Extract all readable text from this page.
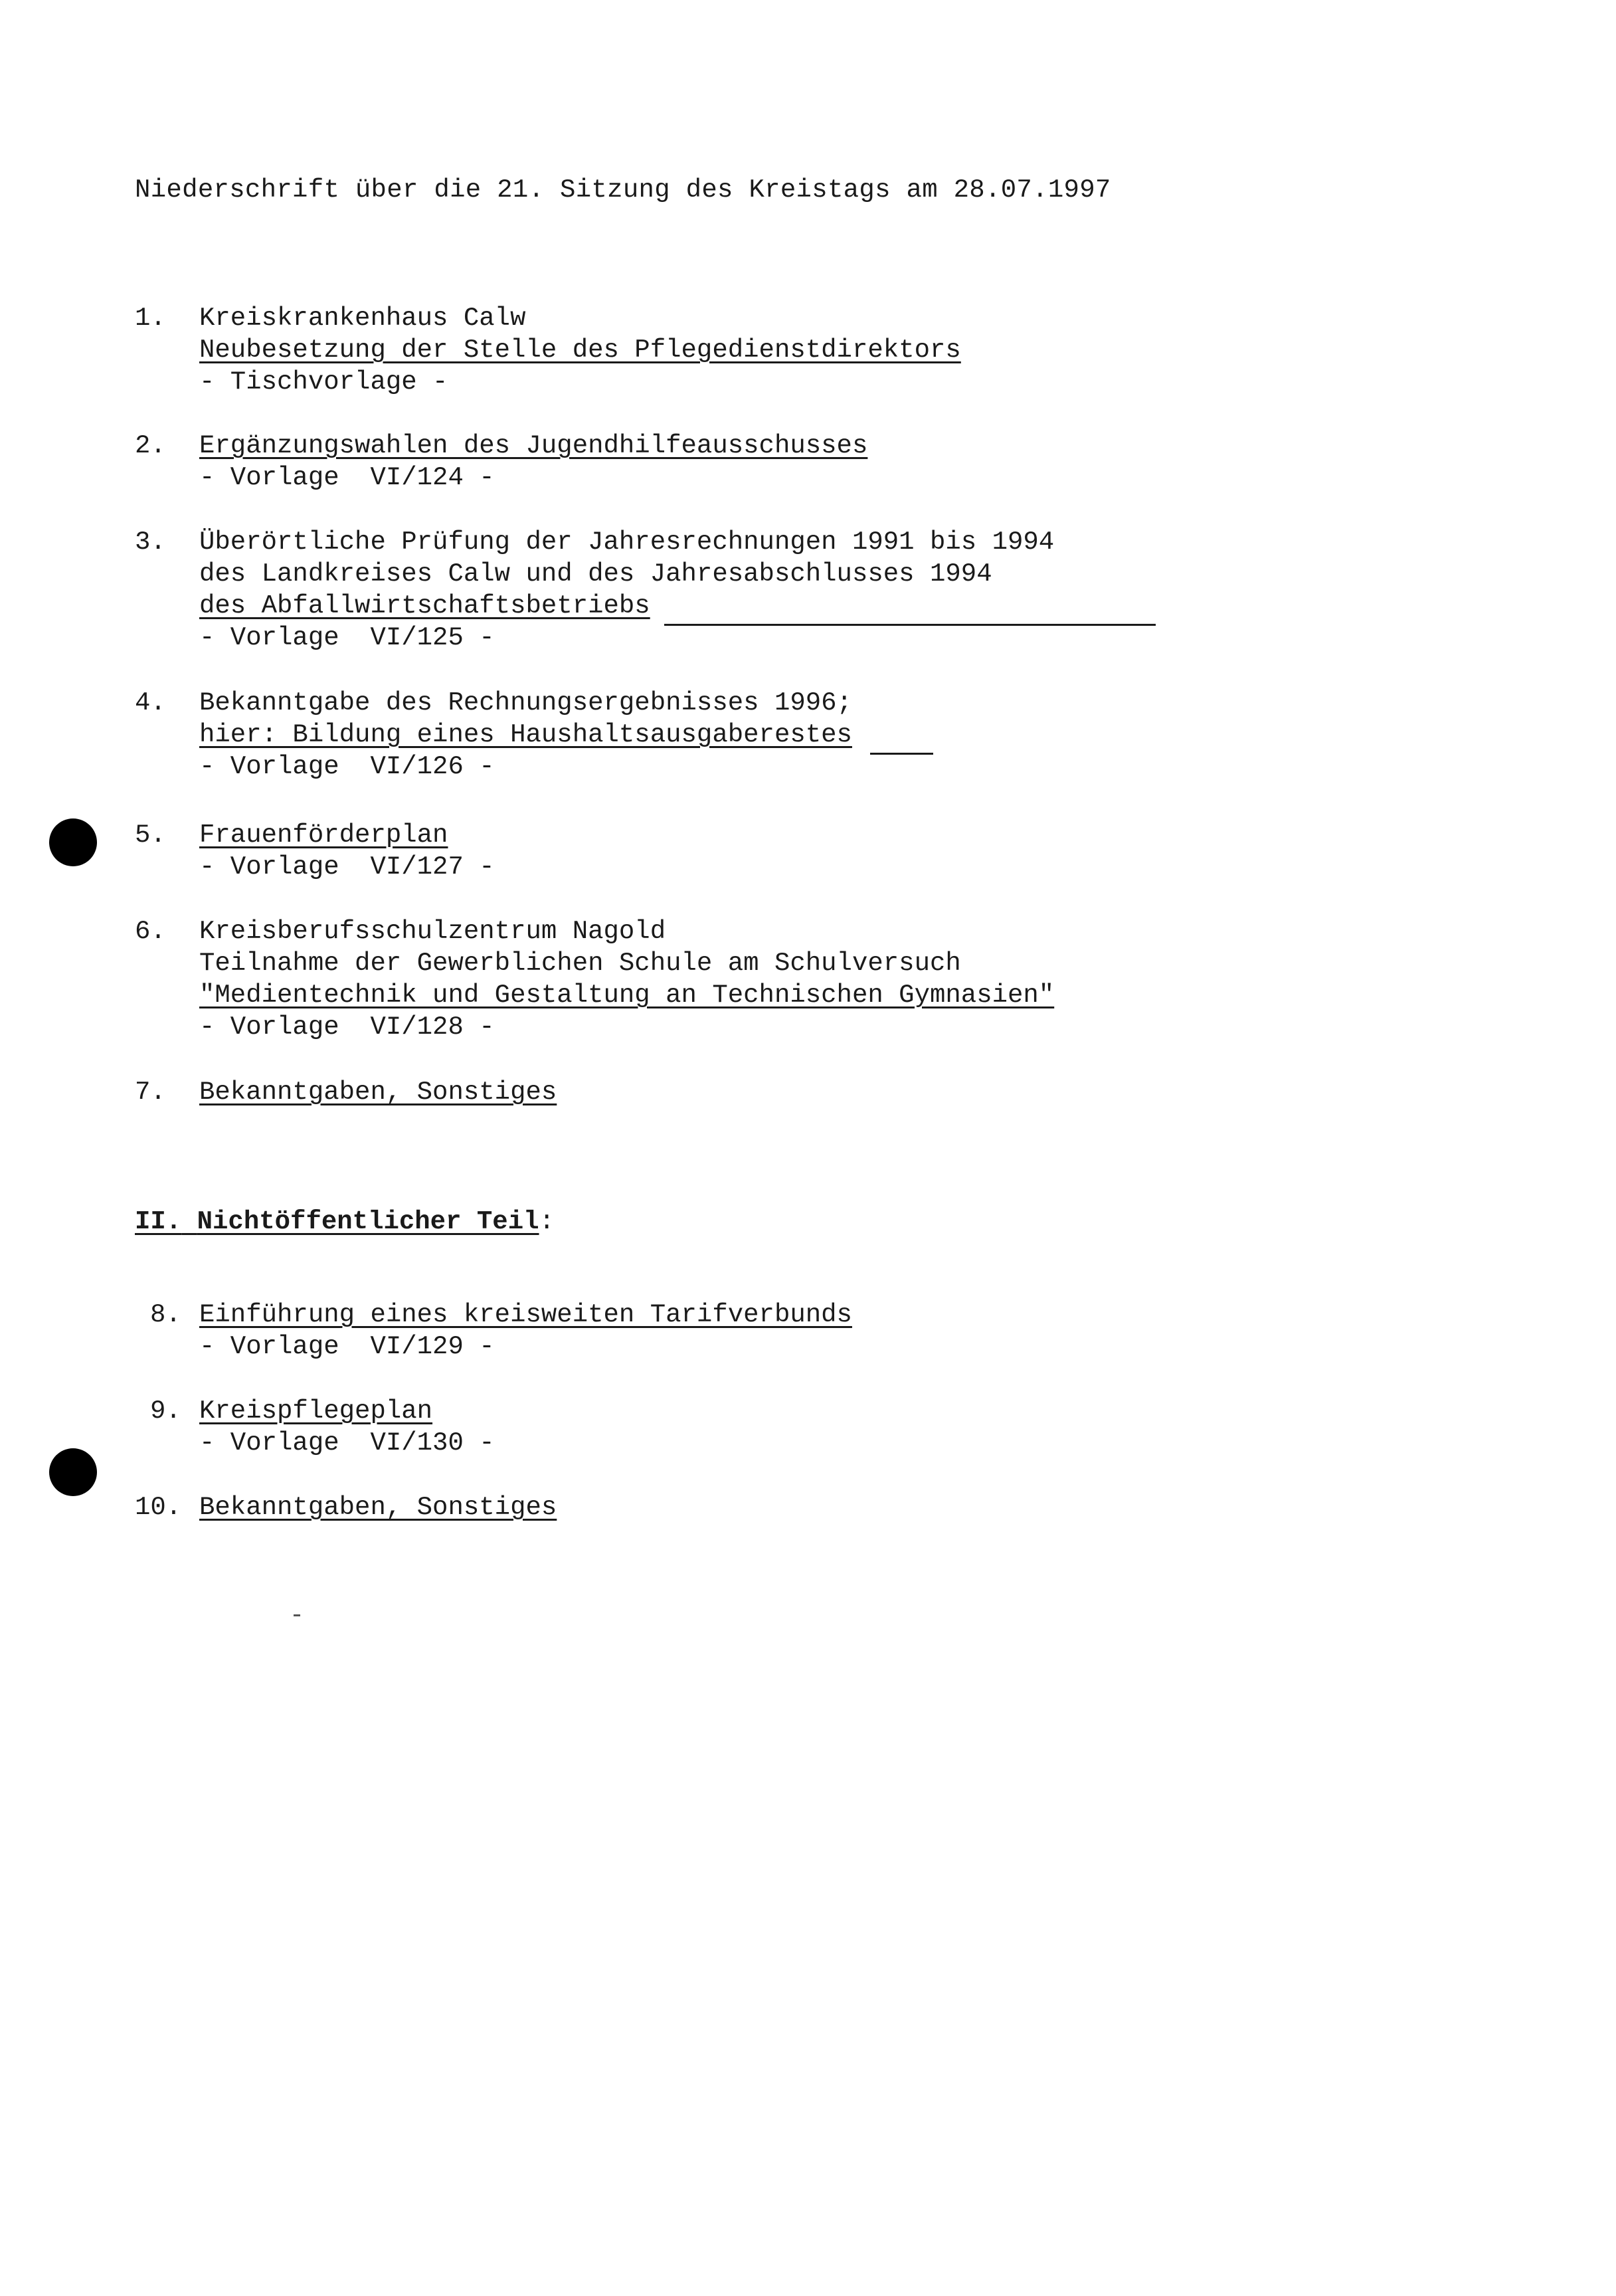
Niederschrift über die 21. Sitzung des Kreistags am 28.07.1997
1.	Kreiskrankenhaus Calw
Neubesetzung der Stelle des Pflegedienstdirektors
- Tischvorlage -
2.	Ergänzungswahlen des Jugendhilfeausschusses
- Vorlage  VI/124 -
3.	Überörtliche Prüfung der Jahresrechnungen 1991 bis 1994
des Landkreises Calw und des Jahresabschlusses 1994
des Abfallwirtschaftsbetriebs
- Vorlage  VI/125 -
4.	Bekanntgabe des Rechnungsergebnisses 1996;
hier: Bildung eines Haushaltsausgaberestes
- Vorlage  VI/126 -
5.	Frauenförderplan
- Vorlage  VI/127 -
6.	Kreisberufsschulzentrum Nagold
Teilnahme der Gewerblichen Schule am Schulversuch
"Medientechnik und Gestaltung an Technischen Gymnasien"
- Vorlage  VI/128 -
7.	Bekanntgaben, Sonstiges
II. Nichtöffentlicher Teil:
8. Einführung eines kreisweiten Tarifverbunds
- Vorlage  VI/129 -
9. Kreispflegeplan
- Vorlage  VI/130 -
10. Bekanntgaben, Sonstiges
